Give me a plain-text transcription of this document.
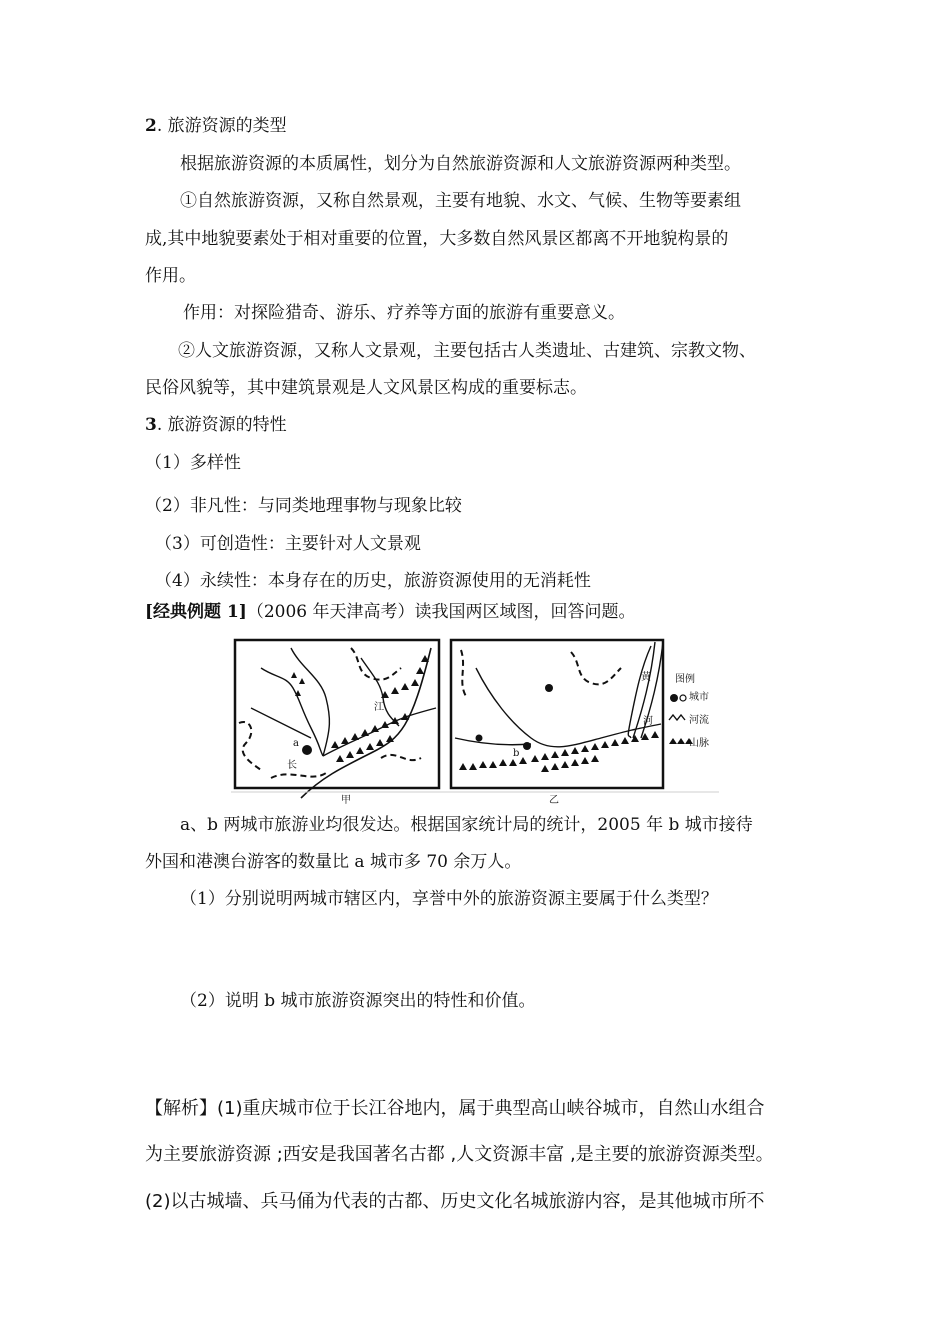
2. 旅游资源的类型
根据旅游资源的本质属性，划分为自然旅游资源和人文旅游资源两种类型。
①自然旅游资源，又称自然景观，主要有地貌、水文、气候、生物等要素组
成,其中地貌要素处于相对重要的位置，大多数自然风景区都离不开地貌构景的
作用。
作用：对探险猎奇、游乐、疗养等方面的旅游有重要意义。
②人文旅游资源，又称人文景观，主要包括古人类遗址、古建筑、宗教文物、
民俗风貌等，其中建筑景观是人文风景区构成的重要标志。
3. 旅游资源的特性
（1）多样性
（2）非凡性：与同类地理事物与现象比较
（3）可创造性：主要针对人文景观
（4）永续性：本身存在的历史，旅游资源使用的无消耗性
[经典例题 1]（2006 年天津高考）读我国两区域图，回答问题。
江
长
a
黄
河
b
图例
城市
河流
山脉
甲	乙
a、b 两城市旅游业均很发达。根据国家统计局的统计，2005 年 b 城市接待
外国和港澳台游客的数量比 a 城市多 70 余万人。
（1）分别说明两城市辖区内，享誉中外的旅游资源主要属于什么类型？
（2）说明 b 城市旅游资源突出的特性和价值。
【解析】(1)重庆城市位于长江谷地内，属于典型高山峡谷城市，自然山水组合
为主要旅游资源 ;西安是我国著名古都 ,人文资源丰富 ,是主要的旅游资源类型。
(2)以古城墙、兵马俑为代表的古都、历史文化名城旅游内容，是其他城市所不
